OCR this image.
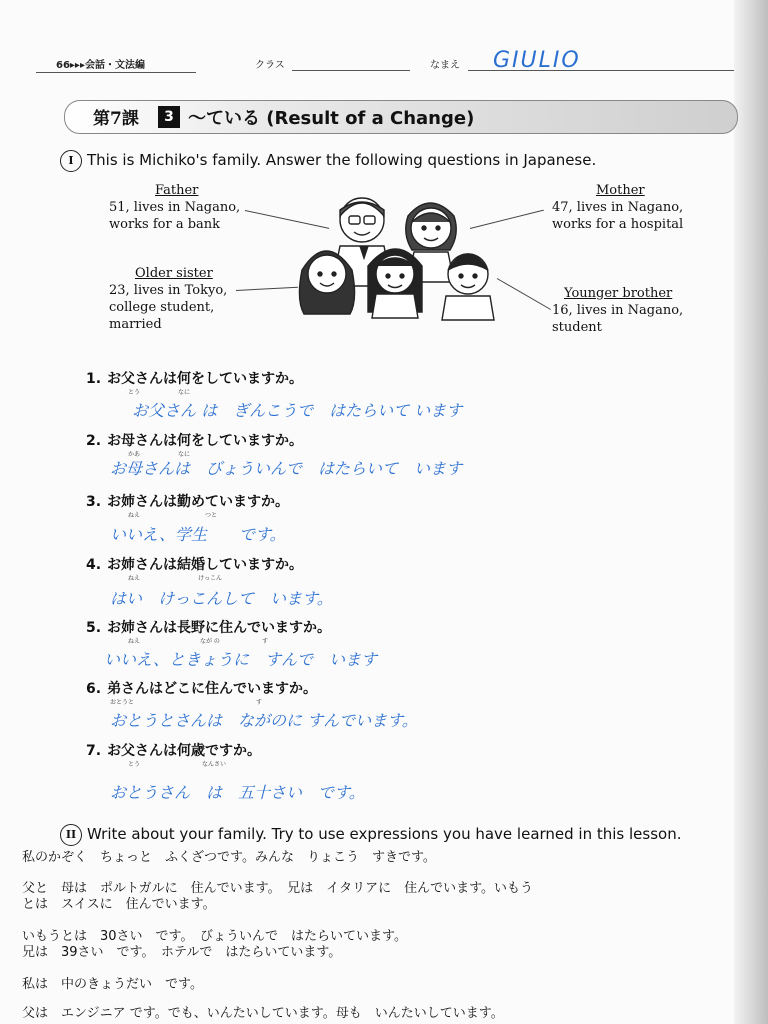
66▸▸▸会話・文法編	クラス	なまえ GIULIO
第7課	3 〜ている (Result of a Change)
I This is Michiko's family. Answer the following questions in Japanese.
Father
51, lives in Nagano,
works for a bank
Mother
47, lives in Nagano,
works for a hospital
Older sister
23, lives in Tokyo,
college student,
married
Younger brother
16, lives in Nagano,
student
1. お父さんは何をしていますか。
とう	なに
お父さん は　ぎんこうで　はたらいて います
2. お母さんは何をしていますか。
かあ	なに
お母さんは　びょういんで　はたらいて　います
3. お姉さんは勤めていますか。
ねえ	つと
いいえ、学生　　です。
4. お姉さんは結婚していますか。
ねえ	けっこん
はい　けっこんして　います。
5. お姉さんは長野に住んでいますか。
ねえ	なが の	す
いいえ、ときょうに　すんで　います
6. 弟さんはどこに住んでいますか。
おとうと	す
おとうとさんは　ながのに すんでいます。
7. お父さんは何歳ですか。
とう	なんさい
おとうさん　は　五十さい　です。
II Write about your family. Try to use expressions you have learned in this lesson.
私のかぞく　ちょっと　ふくざつです。みんな　りょこう　すきです。
父と　母は　ポルトガルに　住んでいます。　兄は　イタリアに　住んでいます。いもう
とは　スイスに　住んでいます。
いもうとは　30さい　です。　びょういんで　はたらいています。
兄は　39さい　です。　ホテルで　はたらいています。
私は　中のきょうだい　です。
父は　エンジニア です。でも、いんたいしています。母も　いんたいしています。
